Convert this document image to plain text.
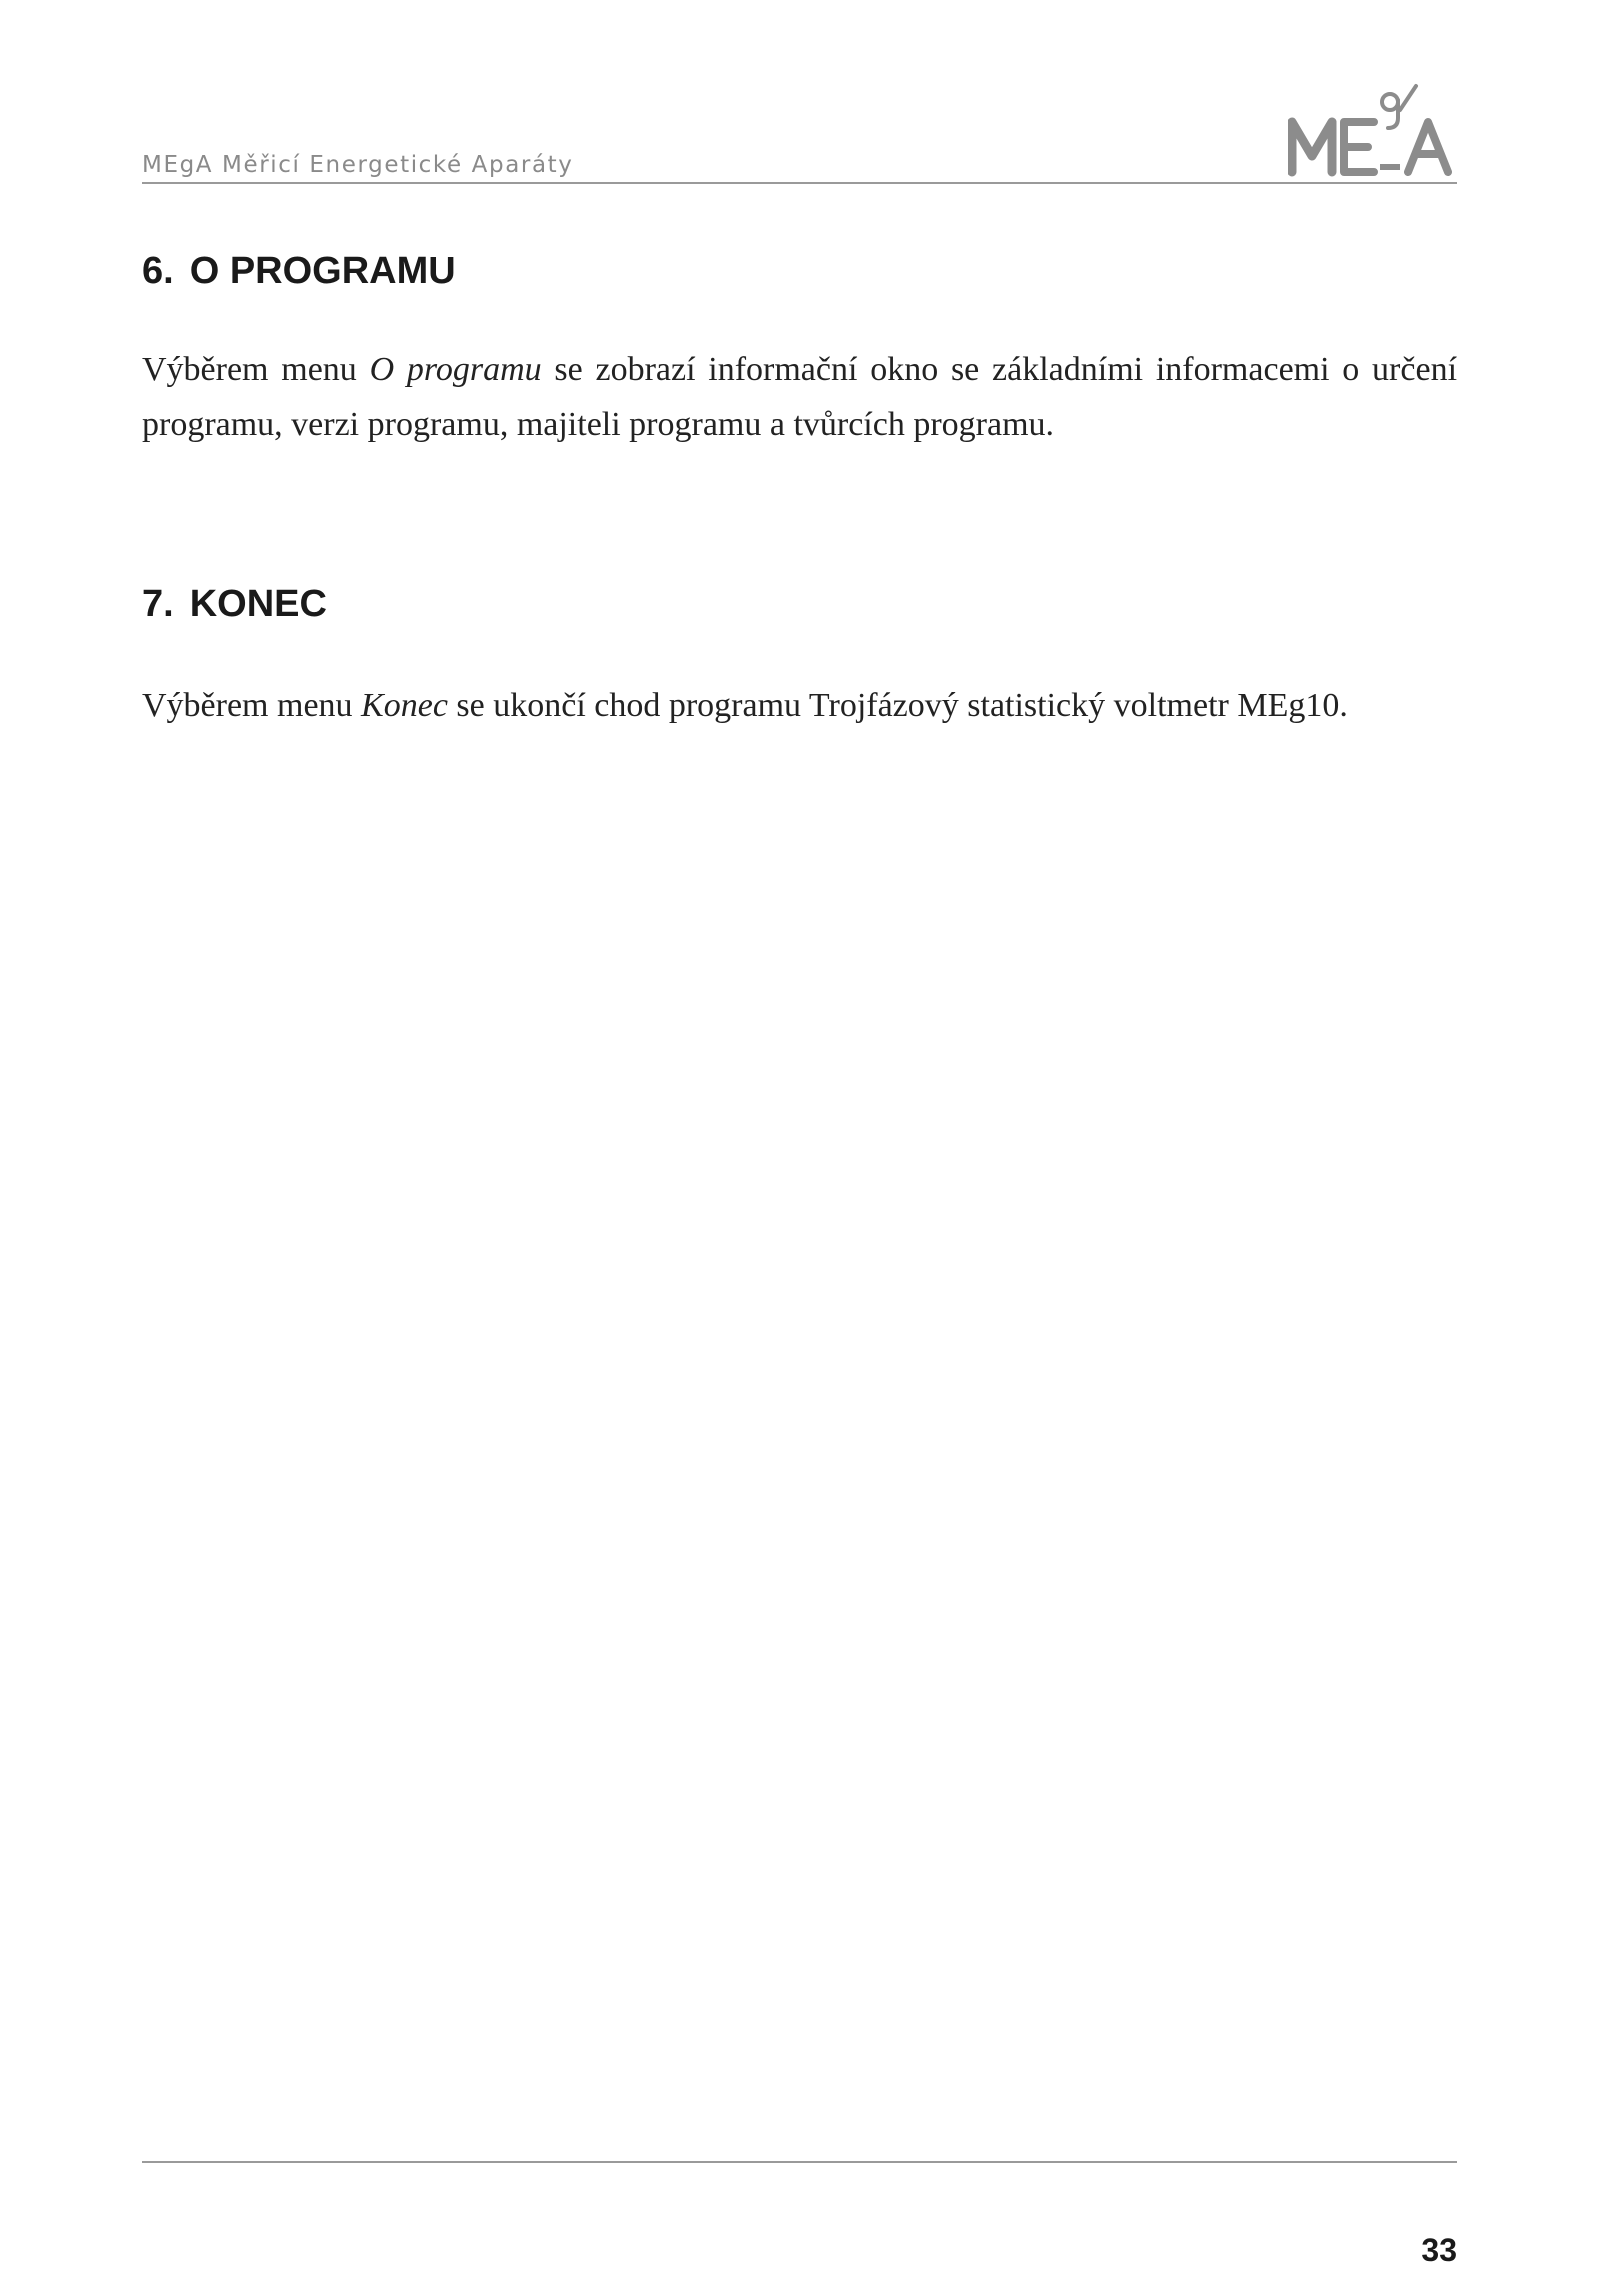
MEgA Měřicí Energetické Aparáty
6. O PROGRAMU

Výběrem menu O programu se zobrazí informační okno se základními informacemi o určení programu, verzi programu, majiteli programu a tvůrcích programu.

7. KONEC

Výběrem menu Konec se ukončí chod programu Trojfázový statistický voltmetr MEg10.

33
